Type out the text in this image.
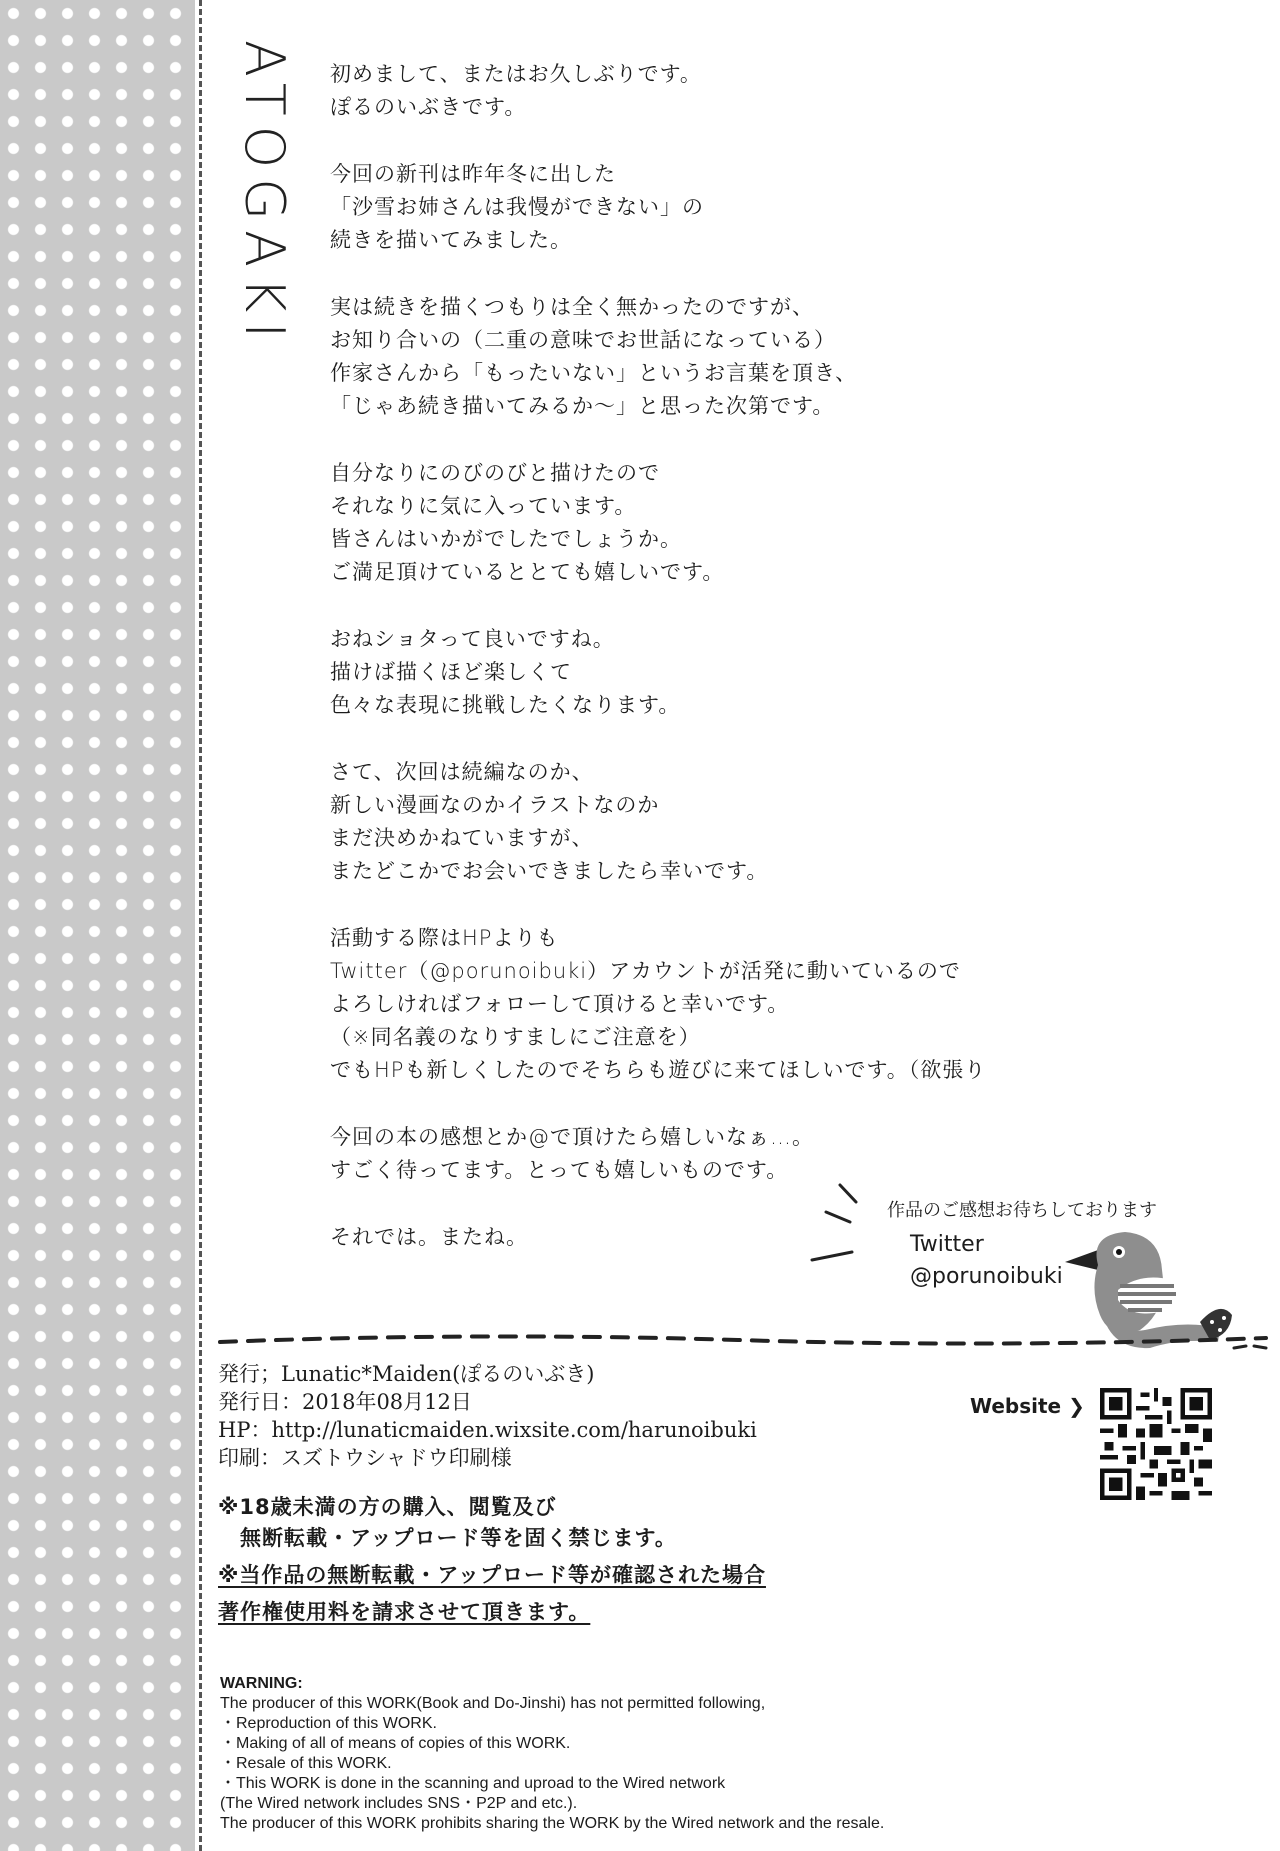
ATOGAKI 初めまして、またはお久しぶりです。
ぽるのいぶきです。
今回の新刊は昨年冬に出した
「沙雪お姉さんは我慢ができない」の
続きを描いてみました。
実は続きを描くつもりは全く無かったのですが、
お知り合いの（二重の意味でお世話になっている）
作家さんから「もったいない」というお言葉を頂き、
「じゃあ続き描いてみるか〜」と思った次第です。
自分なりにのびのびと描けたので
それなりに気に入っています。
皆さんはいかがでしたでしょうか。
ご満足頂けているととても嬉しいです。
おねショタって良いですね。
描けば描くほど楽しくて
色々な表現に挑戦したくなります。
さて、次回は続編なのか、
新しい漫画なのかイラストなのか
まだ決めかねていますが、
またどこかでお会いできましたら幸いです。
活動する際はHPよりも
Twitter（@porunoibuki）アカウントが活発に動いているので
よろしければフォローして頂けると幸いです。
（※同名義のなりすましにご注意を）
でもHPも新しくしたのでそちらも遊びに来てほしいです。（欲張り
今回の本の感想とか@で頂けたら嬉しいなぁ…。
すごく待ってます。とっても嬉しいものです。
それでは。またね。
作品のご感想お待ちしております
Twitter
@porunoibuki
発行；Lunatic*Maiden(ぽるのいぶき)
発行日：2018年08月12日
HP：http://lunaticmaiden.wixsite.com/harunoibuki
印刷：スズトウシャドウ印刷様
Website ❯
※18歳未満の方の購入、閲覧及び
　無断転載・アップロード等を固く禁じます。
※当作品の無断転載・アップロード等が確認された場合
著作権使用料を請求させて頂きます。
WARNING:
The producer of this WORK(Book and Do-Jinshi) has not permitted following,
・Reproduction of this WORK.
・Making of all of means of copies of this WORK.
・Resale of this WORK.
・This WORK is done in the scanning and uproad to the Wired network
(The Wired network includes SNS・P2P and etc.).
The producer of this WORK prohibits sharing the WORK by the Wired network and the resale.
